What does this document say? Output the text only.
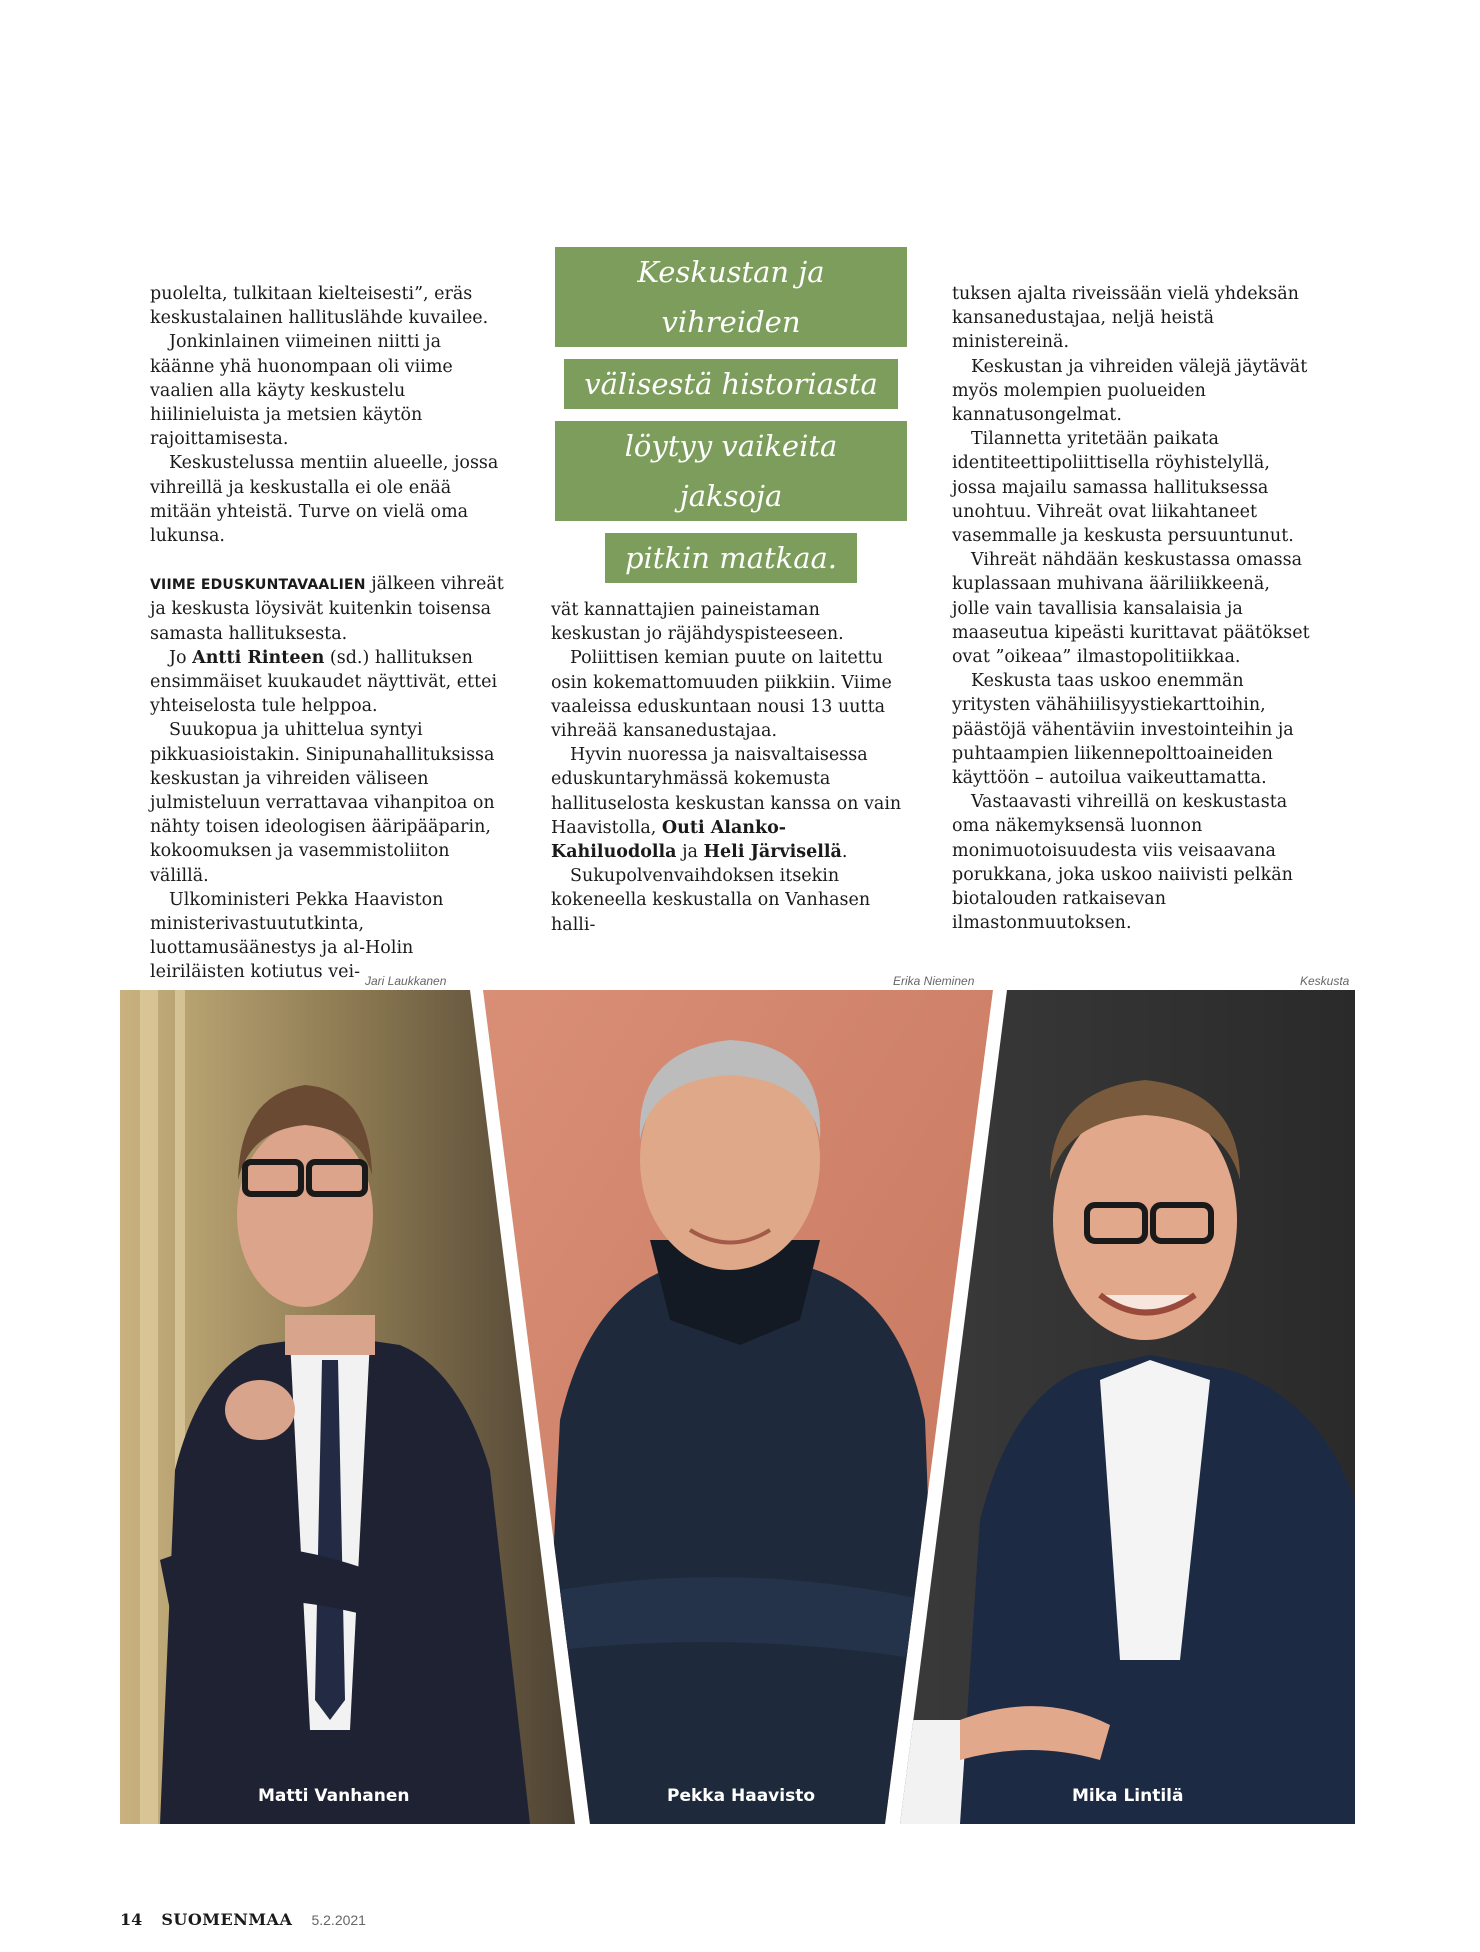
puolelta, tulkitaan kielteisesti”, eräs keskustalainen hallituslähde kuvailee.

Jonkinlainen viimeinen niitti ja käänne yhä huonompaan oli viime vaalien alla käyty keskustelu hiilinieluista ja metsien käytön rajoittamisesta.

Keskustelussa mentiin alueelle, jossa vihreillä ja keskustalla ei ole enää mitään yhteistä. Turve on vielä oma lukunsa.

VIIME EDUSKUNTAVAALIEN jälkeen vihreät ja keskusta löysivät kuitenkin toisensa samasta hallituksesta.

Jo Antti Rinteen (sd.) hallituksen ensimmäiset kuukaudet näyttivät, ettei yhteiselosta tule helppoa.

Suukopua ja uhittelua syntyi pikkuasioistakin. Sinipunahallituksissa keskustan ja vihreiden väliseen julmisteluun verrattavaa vihanpitoa on nähty toisen ideologisen ääripääparin, kokoomuksen ja vasemmistoliiton välillä.

Ulkoministeri Pekka Haaviston ministerivastuututkinta, luottamusäänestys ja al-Holin leiriläisten kotiutus vei-

Keskustan ja vihreiden
välisestä historiasta
löytyy vaikeita jaksoja
pitkin matkaa.

vät kannattajien paineistaman keskustan jo räjähdyspisteeseen.

Poliittisen kemian puute on laitettu osin kokemattomuuden piikkiin. Viime vaaleissa eduskuntaan nousi 13 uutta vihreää kansanedustajaa.

Hyvin nuoressa ja naisvaltaisessa eduskuntaryhmässä kokemusta hallituselosta keskustan kanssa on vain Haavistolla, Outi Alanko-Kahiluodolla ja Heli Järvisellä.

Sukupolvenvaihdoksen itsekin kokeneella keskustalla on Vanhasen halli-

tuksen ajalta riveissään vielä yhdeksän kansanedustajaa, neljä heistä ministereinä.

Keskustan ja vihreiden välejä jäytävät myös molempien puolueiden kannatusongelmat.

Tilannetta yritetään paikata identiteettipoliittisella röyhistelyllä, jossa majailu samassa hallituksessa unohtuu. Vihreät ovat liikahtaneet vasemmalle ja keskusta persuuntunut.

Vihreät nähdään keskustassa omassa kuplassaan muhivana ääriliikkeenä, jolle vain tavallisia kansalaisia ja maaseutua kipeästi kurittavat päätökset ovat ”oikeaa” ilmastopolitiikkaa.

Keskusta taas uskoo enemmän yritysten vähähiilisyystiekarttoihin, päästöjä vähentäviin investointeihin ja puhtaampien liikennepolttoaineiden käyttöön – autoilua vaikeuttamatta.

Vastaavasti vihreillä on keskustasta oma näkemyksensä luonnon monimuotoisuudesta viis veisaavana porukkana, joka uskoo naiivisti pelkän biotalouden ratkaisevan ilmastonmuutoksen.

Jari Laukkanen	Erika Nieminen	Keskusta
Matti Vanhanen	Pekka Haavisto	Mika Lintilä
14 SUOMENMAA 5.2.2021
